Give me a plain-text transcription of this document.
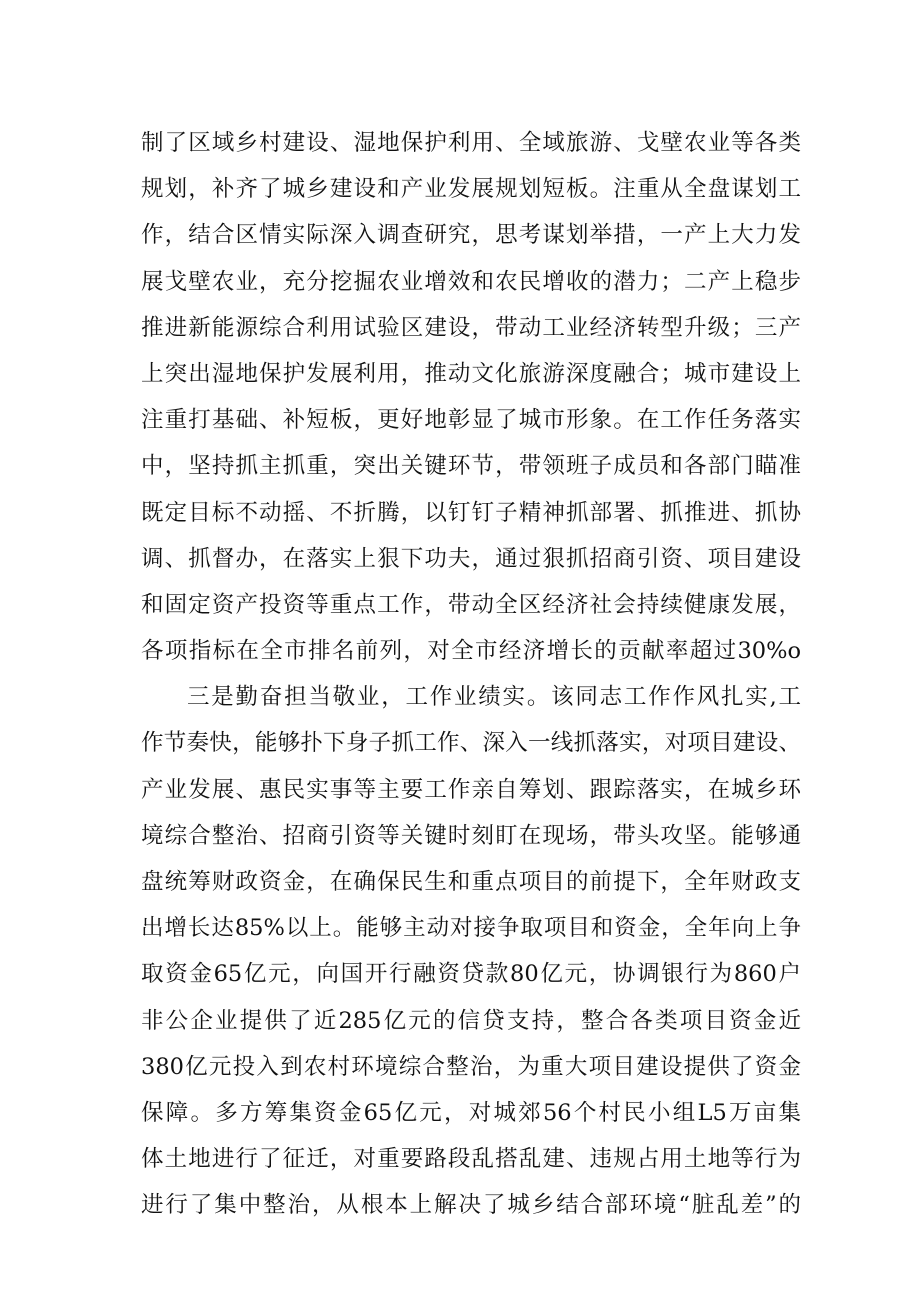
制了区域乡村建设、湿地保护利用、全域旅游、戈壁农业等各类
规划，补齐了城乡建设和产业发展规划短板。注重从全盘谋划工
作，结合区情实际深入调查研究，思考谋划举措，一产上大力发
展戈壁农业，充分挖掘农业增效和农民增收的潜力；二产上稳步
推进新能源综合利用试验区建设，带动工业经济转型升级；三产
上突出湿地保护发展利用，推动文化旅游深度融合；城市建设上
注重打基础、补短板，更好地彰显了城市形象。在工作任务落实
中，坚持抓主抓重，突出关键环节，带领班子成员和各部门瞄准
既定目标不动摇、不折腾，以钉钉子精神抓部署、抓推进、抓协
调、抓督办，在落实上狠下功夫，通过狠抓招商引资、项目建设
和固定资产投资等重点工作，带动全区经济社会持续健康发展，
各项指标在全市排名前列，对全市经济增长的贡献率超过30%o
三是勤奋担当敬业，工作业绩实。该同志工作作风扎实,工
作节奏快，能够扑下身子抓工作、深入一线抓落实，对项目建设、
产业发展、惠民实事等主要工作亲自筹划、跟踪落实，在城乡环
境综合整治、招商引资等关键时刻盯在现场，带头攻坚。能够通
盘统筹财政资金，在确保民生和重点项目的前提下，全年财政支
出增长达85%以上。能够主动对接争取项目和资金，全年向上争
取资金65亿元，向国开行融资贷款80亿元，协调银行为860户
非公企业提供了近285亿元的信贷支持，整合各类项目资金近
380亿元投入到农村环境综合整治，为重大项目建设提供了资金
保障。多方筹集资金65亿元，对城郊56个村民小组L5万亩集
体土地进行了征迁，对重要路段乱搭乱建、违规占用土地等行为
进行了集中整治，从根本上解决了城乡结合部环境“脏乱差”的
